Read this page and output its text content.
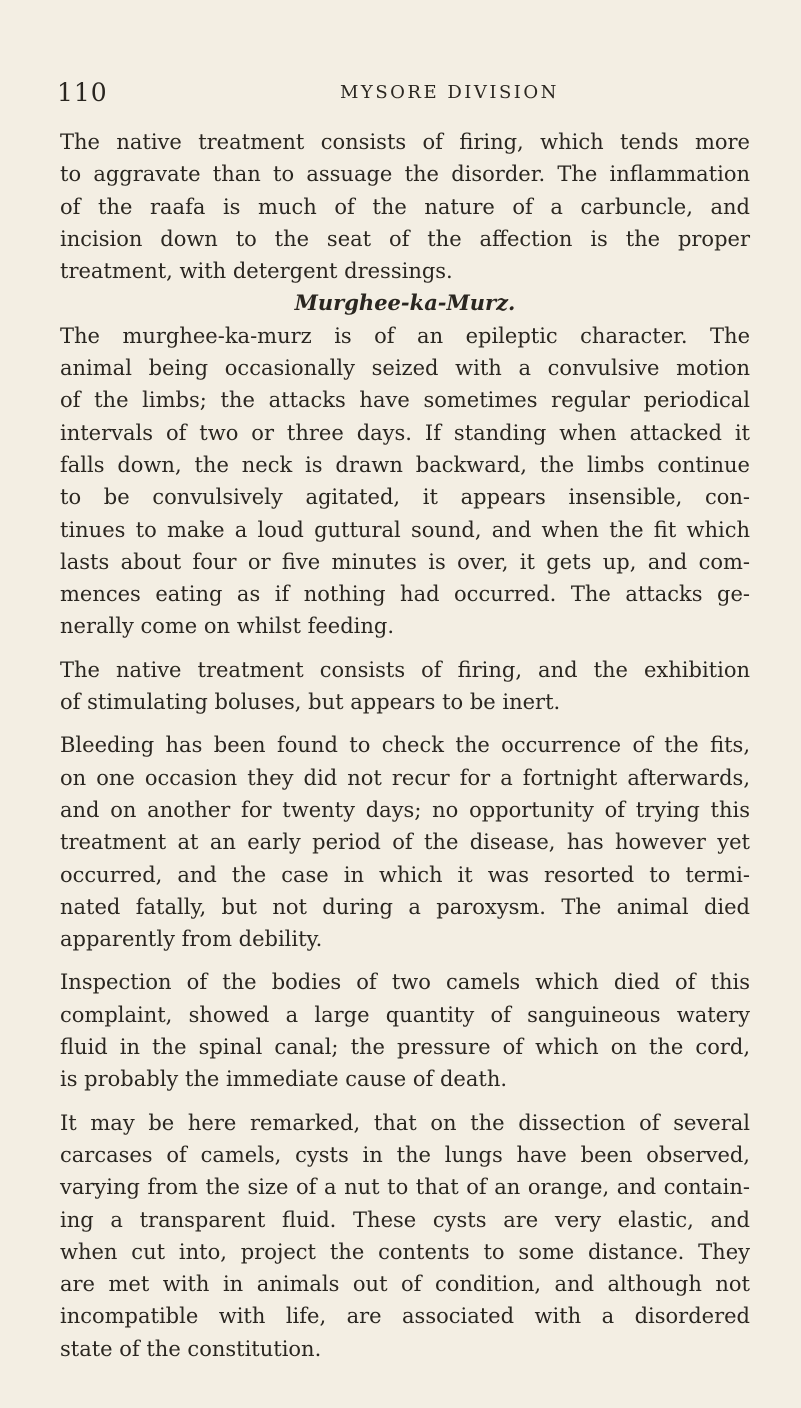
110	MYSORE DIVISION
The native treatment consists of firing, which tends more
to aggravate than to assuage the disorder. The inflammation
of the raafa is much of the nature of a carbuncle, and
incision down to the seat of the affection is the proper
treatment, with detergent dressings.
Murghee-ka-Murz.
The murghee-ka-murz is of an epileptic character. The
animal being occasionally seized with a convulsive motion
of the limbs; the attacks have sometimes regular periodical
intervals of two or three days. If standing when attacked it
falls down, the neck is drawn backward, the limbs continue
to be convulsively agitated, it appears insensible, con-
tinues to make a loud guttural sound, and when the fit which
lasts about four or five minutes is over, it gets up, and com-
mences eating as if nothing had occurred. The attacks ge-
nerally come on whilst feeding.
The native treatment consists of firing, and the exhibition
of stimulating boluses, but appears to be inert.
Bleeding has been found to check the occurrence of the fits,
on one occasion they did not recur for a fortnight afterwards,
and on another for twenty days; no opportunity of trying this
treatment at an early period of the disease, has however yet
occurred, and the case in which it was resorted to termi-
nated fatally, but not during a paroxysm. The animal died
apparently from debility.
Inspection of the bodies of two camels which died of this
complaint, showed a large quantity of sanguineous watery
fluid in the spinal canal; the pressure of which on the cord,
is probably the immediate cause of death.
It may be here remarked, that on the dissection of several
carcases of camels, cysts in the lungs have been observed,
varying from the size of a nut to that of an orange, and contain-
ing a transparent fluid. These cysts are very elastic, and
when cut into, project the contents to some distance. They
are met with in animals out of condition, and although not
incompatible with life, are associated with a disordered
state of the constitution.
